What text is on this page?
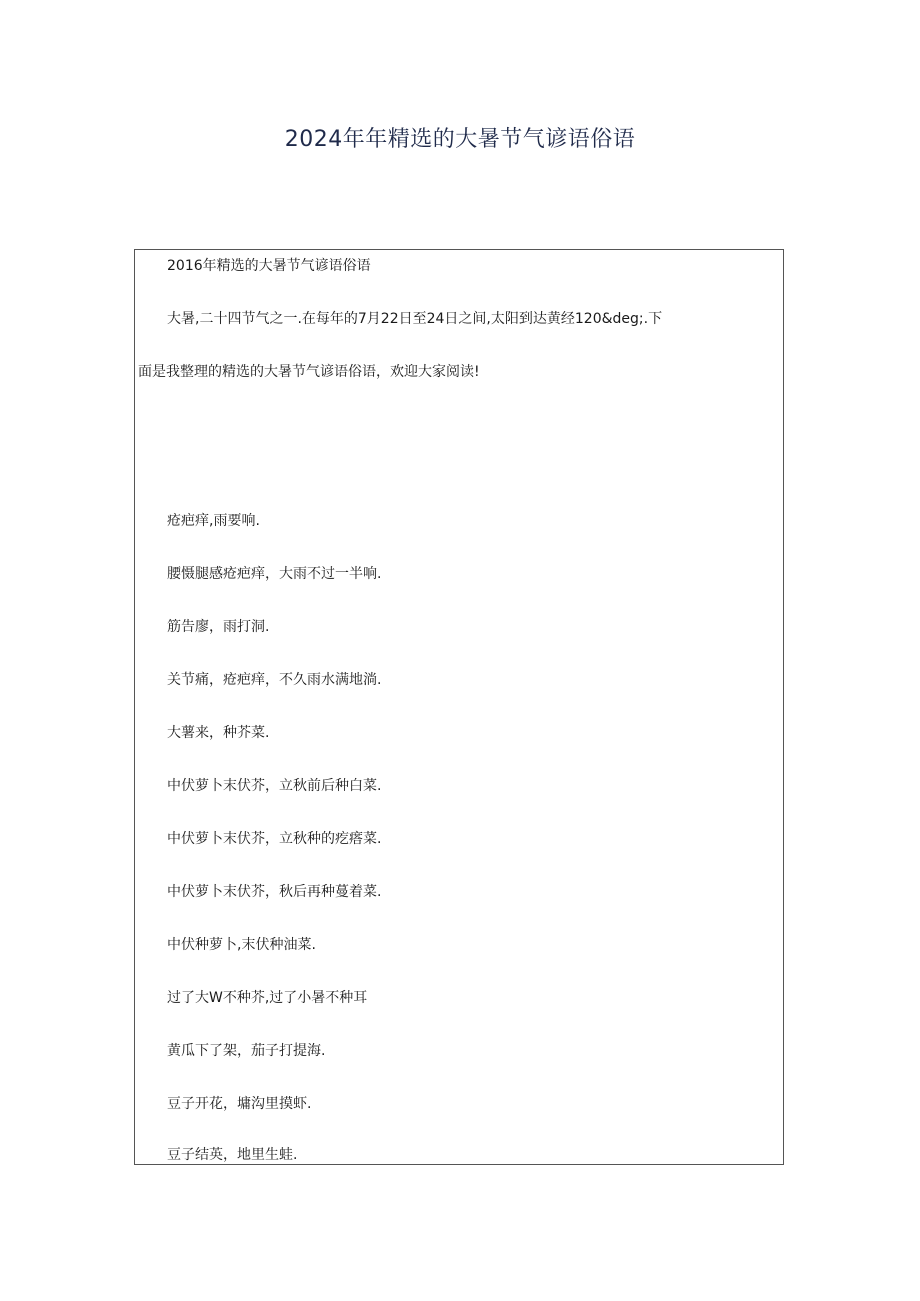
2024年年精选的大暑节气谚语俗语
2016年精选的大暑节气谚语俗语
大暑,二十四节气之一.在每年的7月22日至24日之间,太阳到达黄经120&deg;.下
面是我整理的精选的大暑节气谚语俗语，欢迎大家阅读!
疮疤痒,雨要响.
腰慑腿感疮疤痒，大雨不过一半响.
筋告廖，雨打洞.
关节痛，疮疤痒，不久雨水满地淌.
大薯来，种芥菜.
中伏萝卜末伏芥，立秋前后种白菜.
中伏萝卜末伏芥，立秋种的疙瘩菜.
中伏萝卜末伏芥，秋后再种蔓着菜.
中伏种萝卜,末伏种油菜.
过了大W不种芥,过了小暑不种耳
黄瓜下了架，茄子打提海.
豆子开花，墉沟里摸虾.
豆子结英，地里生蛙.
